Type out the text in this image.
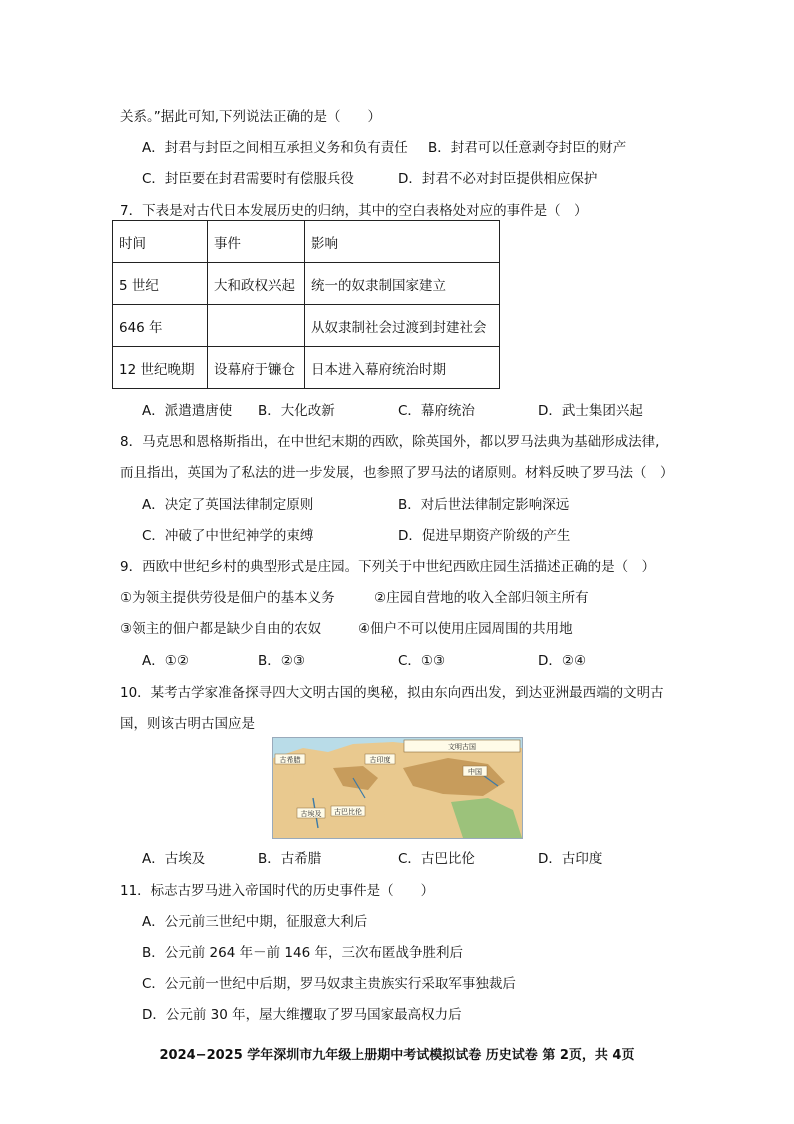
关系。”据此可知,下列说法正确的是（　　）
A．封君与封臣之间相互承担义务和负有责任 B．封君可以任意剥夺封臣的财产
C．封臣要在封君需要时有偿服兵役	D．封君不必对封臣提供相应保护
7．下表是对古代日本发展历史的归纳，其中的空白表格处对应的事件是（　）
时间	事件	影响
5 世纪	大和政权兴起	统一的奴隶制国家建立
646 年		从奴隶制社会过渡到封建社会
12 世纪晚期	设幕府于镰仓	日本进入幕府统治时期
A．派遣遣唐使 B．大化改新	C．幕府统治	D．武士集团兴起
8．马克思和恩格斯指出，在中世纪末期的西欧，除英国外，都以罗马法典为基础形成法律,
而且指出，英国为了私法的进一步发展，也参照了罗马法的诸原则。材料反映了罗马法（　）
A．决定了英国法律制定原则	B．对后世法律制定影响深远
C．冲破了中世纪神学的束缚	D．促进早期资产阶级的产生
9．西欧中世纪乡村的典型形式是庄园。下列关于中世纪西欧庄园生活描述正确的是（　）
①为领主提供劳役是佃户的基本义务	②庄园自营地的收入全部归领主所有
③领主的佃户都是缺少自由的农奴	④佃户不可以使用庄园周围的共用地
A．①②	B．②③	C．①③	D．②④
10．某考古学家准备探寻四大文明古国的奥秘，拟由东向西出发，到达亚洲最西端的文明古
国，则该古明古国应是
文明古国
古希腊
古埃及 古巴比伦
古印度
中国
A．古埃及	B．古希腊	C．古巴比伦	D．古印度
11．标志古罗马进入帝国时代的历史事件是（　　）
A．公元前三世纪中期，征服意大利后
B．公元前 264 年－前 146 年，三次布匿战争胜利后
C．公元前一世纪中后期，罗马奴隶主贵族实行采取军事独裁后
D．公元前 30 年，屋大维攫取了罗马国家最高权力后
2024−2025 学年深圳市九年级上册期中考试模拟试卷 历史试卷 第 2页，共 4页
